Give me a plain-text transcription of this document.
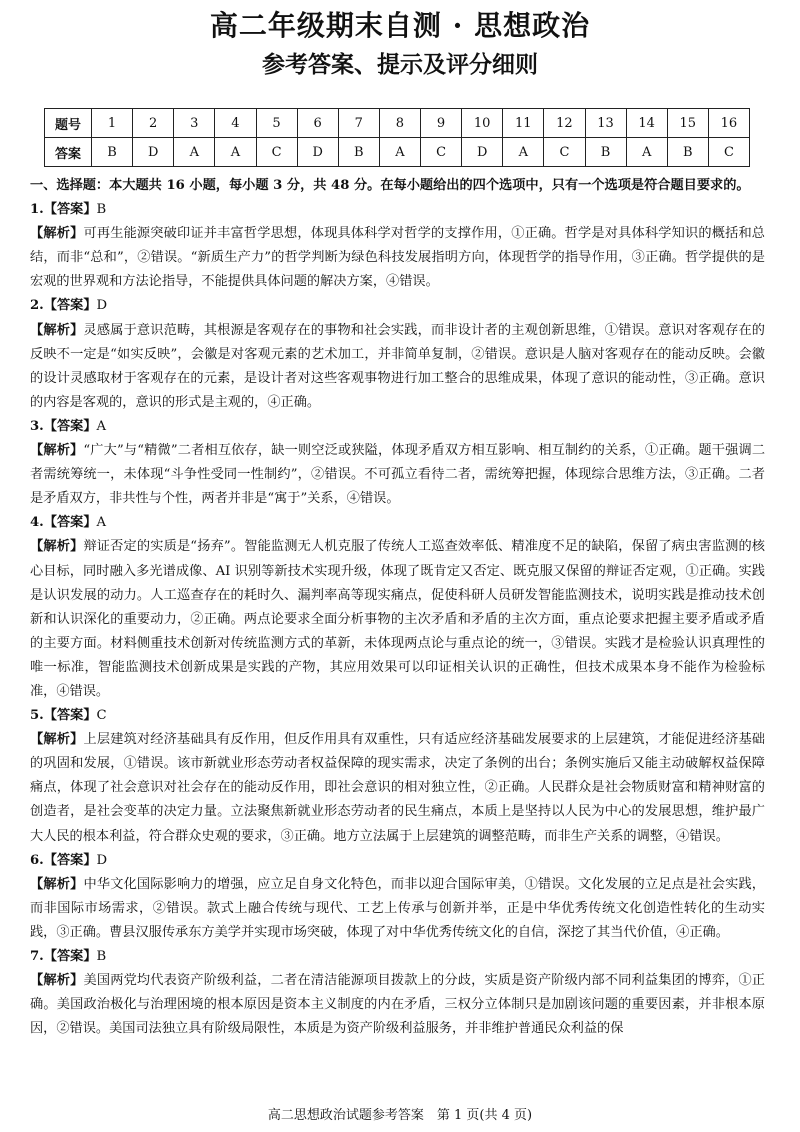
高二年级期末自测 · 思想政治
参考答案、提示及评分细则
题号	1	2	3	4	5	6	7	8	9	10	11	12	13	14	15	16
答案	B	D	A	A	C	D	B	A	C	D	A	C	B	A	B	C

一、选择题：本大题共 16 小题，每小题 3 分，共 48 分。在每小题给出的四个选项中，只有一个选项是符合题目要求的。

1.【答案】B

【解析】可再生能源突破印证并丰富哲学思想，体现具体科学对哲学的支撑作用，①正确。哲学是对具体科学知识的概括和总结，而非“总和”，②错误。“新质生产力”的哲学判断为绿色科技发展指明方向，体现哲学的指导作用，③正确。哲学提供的是宏观的世界观和方法论指导，不能提供具体问题的解决方案，④错误。

2.【答案】D

【解析】灵感属于意识范畴，其根源是客观存在的事物和社会实践，而非设计者的主观创新思维，①错误。意识对客观存在的反映不一定是“如实反映”，会徽是对客观元素的艺术加工，并非简单复制，②错误。意识是人脑对客观存在的能动反映。会徽的设计灵感取材于客观存在的元素，是设计者对这些客观事物进行加工整合的思维成果，体现了意识的能动性，③正确。意识的内容是客观的，意识的形式是主观的，④正确。

3.【答案】A

【解析】“广大”与“精微”二者相互依存，缺一则空泛或狭隘，体现矛盾双方相互影响、相互制约的关系，①正确。题干强调二者需统筹统一，未体现“斗争性受同一性制约”，②错误。不可孤立看待二者，需统筹把握，体现综合思维方法，③正确。二者是矛盾双方，非共性与个性，两者并非是“寓于”关系，④错误。

4.【答案】A

【解析】辩证否定的实质是“扬弃”。智能监测无人机克服了传统人工巡查效率低、精准度不足的缺陷，保留了病虫害监测的核心目标，同时融入多光谱成像、AI 识别等新技术实现升级，体现了既肯定又否定、既克服又保留的辩证否定观，①正确。实践是认识发展的动力。人工巡查存在的耗时久、漏判率高等现实痛点，促使科研人员研发智能监测技术，说明实践是推动技术创新和认识深化的重要动力，②正确。两点论要求全面分析事物的主次矛盾和矛盾的主次方面，重点论要求把握主要矛盾或矛盾的主要方面。材料侧重技术创新对传统监测方式的革新，未体现两点论与重点论的统一，③错误。实践才是检验认识真理性的唯一标准，智能监测技术创新成果是实践的产物，其应用效果可以印证相关认识的正确性，但技术成果本身不能作为检验标准，④错误。

5.【答案】C

【解析】上层建筑对经济基础具有反作用，但反作用具有双重性，只有适应经济基础发展要求的上层建筑，才能促进经济基础的巩固和发展，①错误。该市新就业形态劳动者权益保障的现实需求，决定了条例的出台；条例实施后又能主动破解权益保障痛点，体现了社会意识对社会存在的能动反作用，即社会意识的相对独立性，②正确。人民群众是社会物质财富和精神财富的创造者，是社会变革的决定力量。立法聚焦新就业形态劳动者的民生痛点，本质上是坚持以人民为中心的发展思想，维护最广大人民的根本利益，符合群众史观的要求，③正确。地方立法属于上层建筑的调整范畴，而非生产关系的调整，④错误。

6.【答案】D

【解析】中华文化国际影响力的增强，应立足自身文化特色，而非以迎合国际审美，①错误。文化发展的立足点是社会实践，而非国际市场需求，②错误。款式上融合传统与现代、工艺上传承与创新并举，正是中华优秀传统文化创造性转化的生动实践，③正确。曹县汉服传承东方美学并实现市场突破，体现了对中华优秀传统文化的自信，深挖了其当代价值，④正确。

7.【答案】B

【解析】美国两党均代表资产阶级利益，二者在清洁能源项目拨款上的分歧，实质是资产阶级内部不同利益集团的博弈，①正确。美国政治极化与治理困境的根本原因是资本主义制度的内在矛盾，三权分立体制只是加剧该问题的重要因素，并非根本原因，②错误。美国司法独立具有阶级局限性，本质是为资产阶级利益服务，并非维护普通民众利益的保

高二思想政治试题参考答案　第 1 页(共 4 页)
